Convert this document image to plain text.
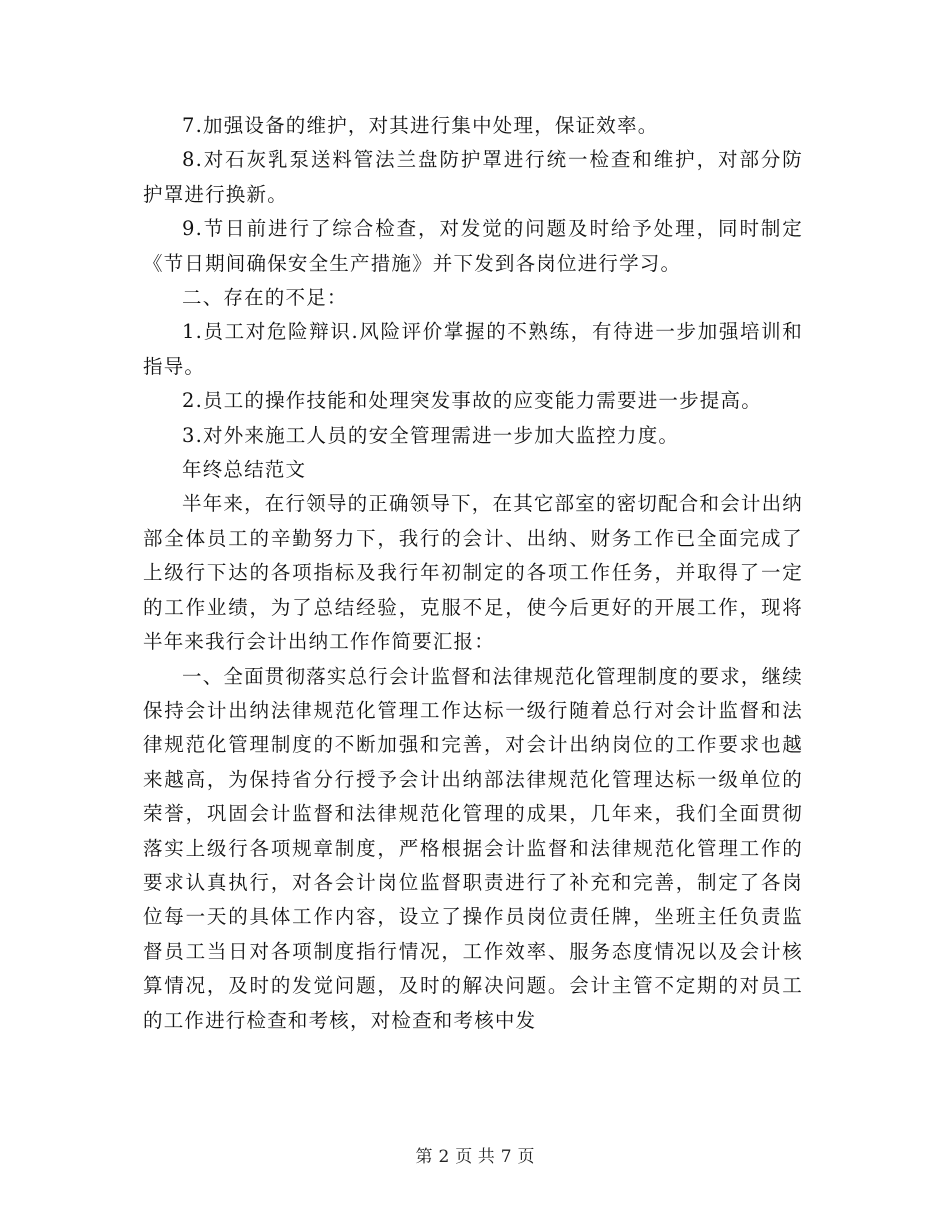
7.加强设备的维护，对其进行集中处理，保证效率。

8.对石灰乳泵送料管法兰盘防护罩进行统一检查和维护，对部分防护罩进行换新。

9.节日前进行了综合检查，对发觉的问题及时给予处理，同时制定《节日期间确保安全生产措施》并下发到各岗位进行学习。

二、存在的不足：

1.员工对危险辩识.风险评价掌握的不熟练，有待进一步加强培训和指导。

2.员工的操作技能和处理突发事故的应变能力需要进一步提高。

3.对外来施工人员的安全管理需进一步加大监控力度。

年终总结范文

半年来，在行领导的正确领导下，在其它部室的密切配合和会计出纳部全体员工的辛勤努力下，我行的会计、出纳、财务工作已全面完成了上级行下达的各项指标及我行年初制定的各项工作任务，并取得了一定的工作业绩，为了总结经验，克服不足，使今后更好的开展工作，现将半年来我行会计出纳工作作简要汇报：

一、全面贯彻落实总行会计监督和法律规范化管理制度的要求，继续保持会计出纳法律规范化管理工作达标一级行随着总行对会计监督和法律规范化管理制度的不断加强和完善，对会计出纳岗位的工作要求也越来越高，为保持省分行授予会计出纳部法律规范化管理达标一级单位的荣誉，巩固会计监督和法律规范化管理的成果，几年来，我们全面贯彻落实上级行各项规章制度，严格根据会计监督和法律规范化管理工作的要求认真执行，对各会计岗位监督职责进行了补充和完善，制定了各岗位每一天的具体工作内容，设立了操作员岗位责任牌，坐班主任负责监督员工当日对各项制度指行情况，工作效率、服务态度情况以及会计核算情况，及时的发觉问题，及时的解决问题。会计主管不定期的对员工的工作进行检查和考核，对检查和考核中发

第 2 页 共 7 页
